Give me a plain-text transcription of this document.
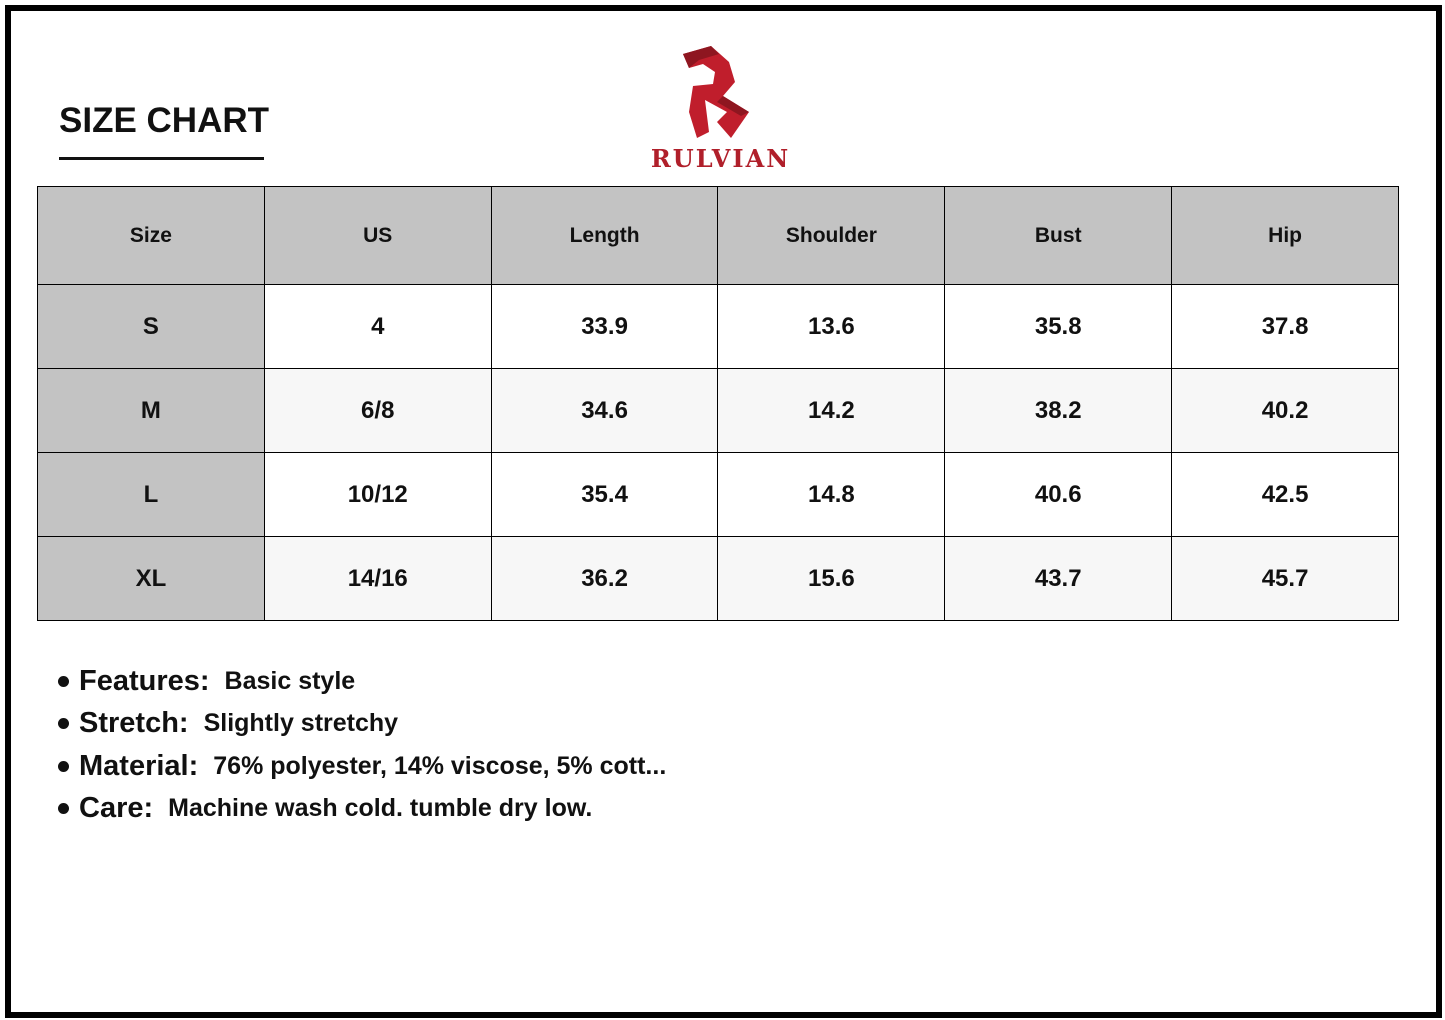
SIZE CHART
RULVIAN
Size	US	Length	Shoulder	Bust	Hip
S	4	33.9	13.6	35.8	37.8
M	6/8	34.6	14.2	38.2	40.2
L	10/12	35.4	14.8	40.6	42.5
XL	14/16	36.2	15.6	43.7	45.7
Features: Basic style
Stretch: Slightly stretchy
Material: 76% polyester, 14% viscose, 5% cott...
Care: Machine wash cold. tumble dry low.
